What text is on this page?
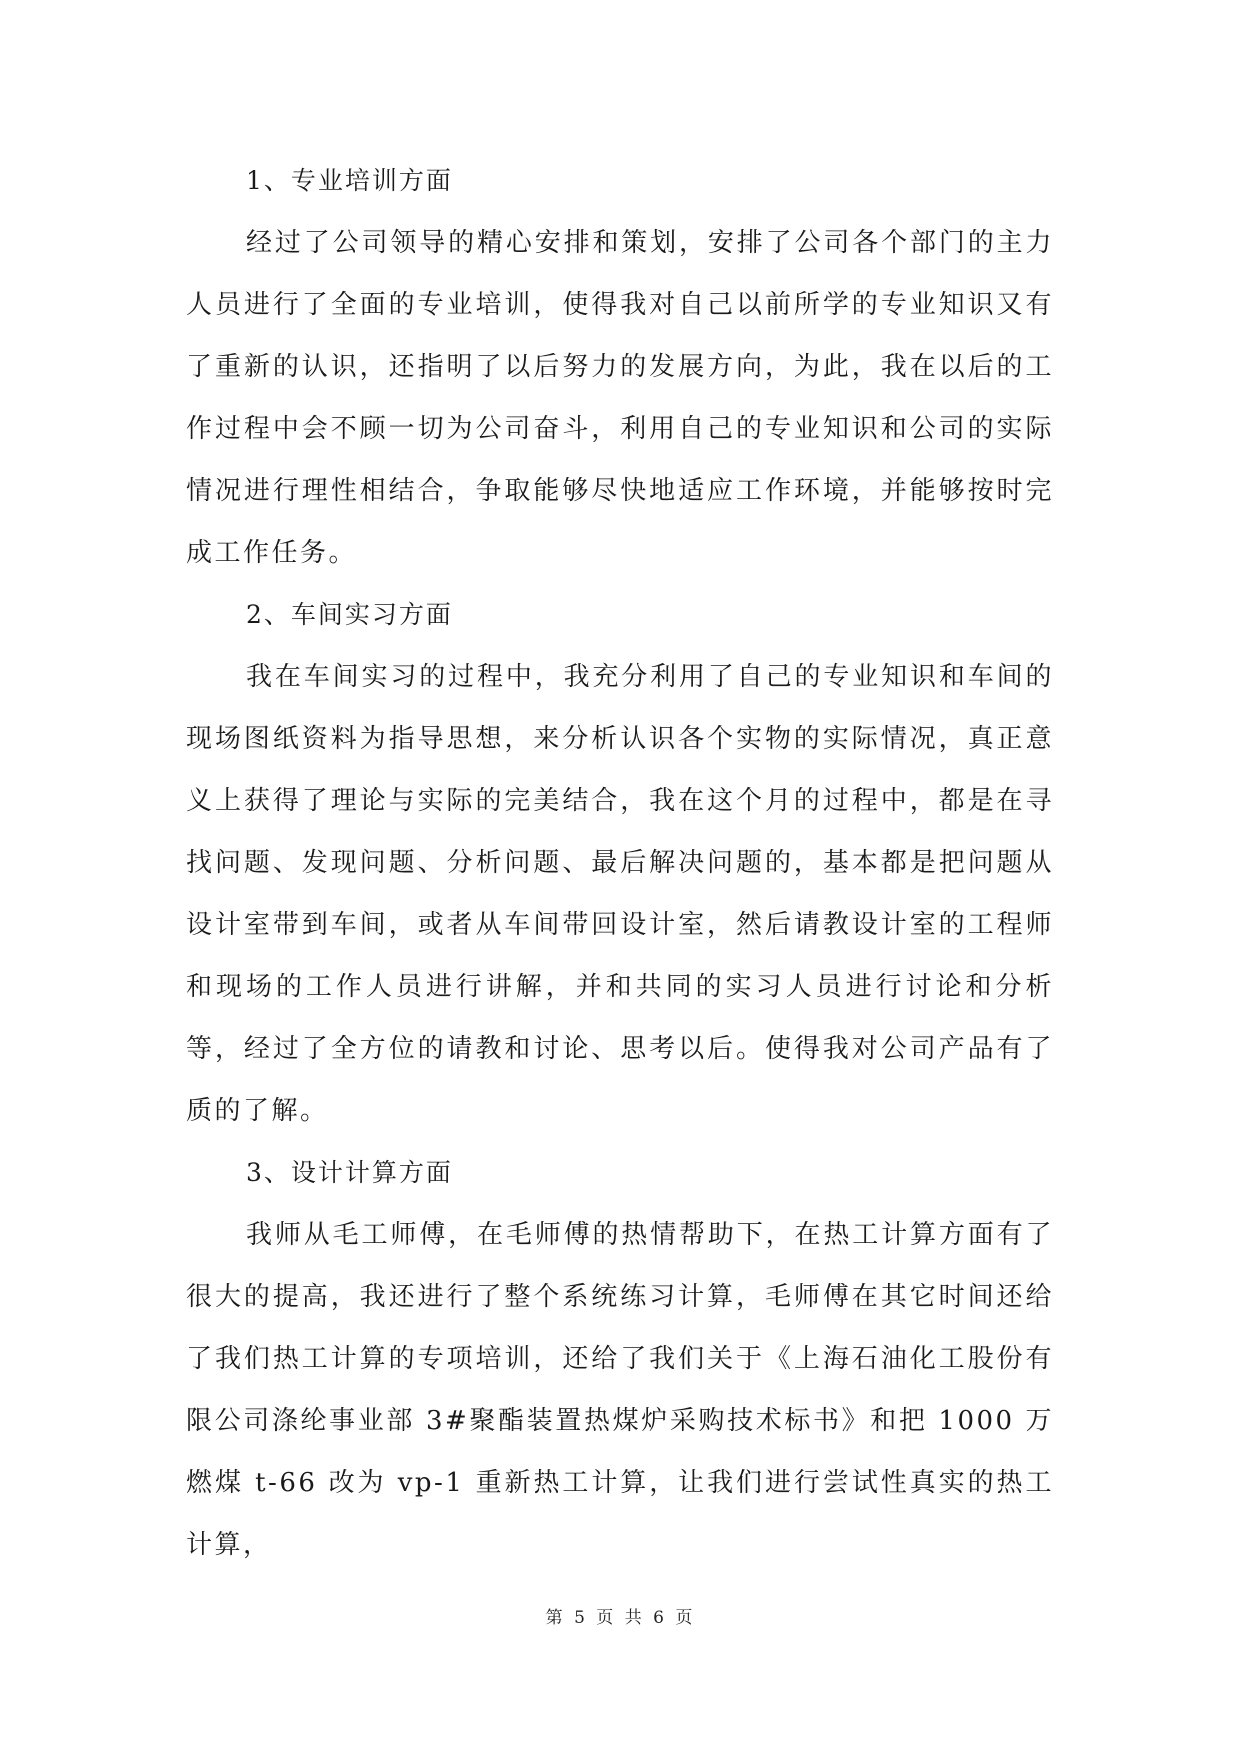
1、专业培训方面

经过了公司领导的精心安排和策划，安排了公司各个部门的主力人员进行了全面的专业培训，使得我对自己以前所学的专业知识又有了重新的认识，还指明了以后努力的发展方向，为此，我在以后的工作过程中会不顾一切为公司奋斗，利用自己的专业知识和公司的实际情况进行理性相结合，争取能够尽快地适应工作环境，并能够按时完成工作任务。

2、车间实习方面

我在车间实习的过程中，我充分利用了自己的专业知识和车间的现场图纸资料为指导思想，来分析认识各个实物的实际情况，真正意义上获得了理论与实际的完美结合，我在这个月的过程中，都是在寻找问题、发现问题、分析问题、最后解决问题的，基本都是把问题从设计室带到车间，或者从车间带回设计室，然后请教设计室的工程师和现场的工作人员进行讲解，并和共同的实习人员进行讨论和分析等，经过了全方位的请教和讨论、思考以后。使得我对公司产品有了质的了解。

3、设计计算方面

我师从毛工师傅，在毛师傅的热情帮助下，在热工计算方面有了很大的提高，我还进行了整个系统练习计算，毛师傅在其它时间还给了我们热工计算的专项培训，还给了我们关于《上海石油化工股份有限公司涤纶事业部 3#聚酯装置热煤炉采购技术标书》和把 1000 万燃煤 t-66 改为 vp-1 重新热工计算，让我们进行尝试性真实的热工计算，

第 5 页 共 6 页
